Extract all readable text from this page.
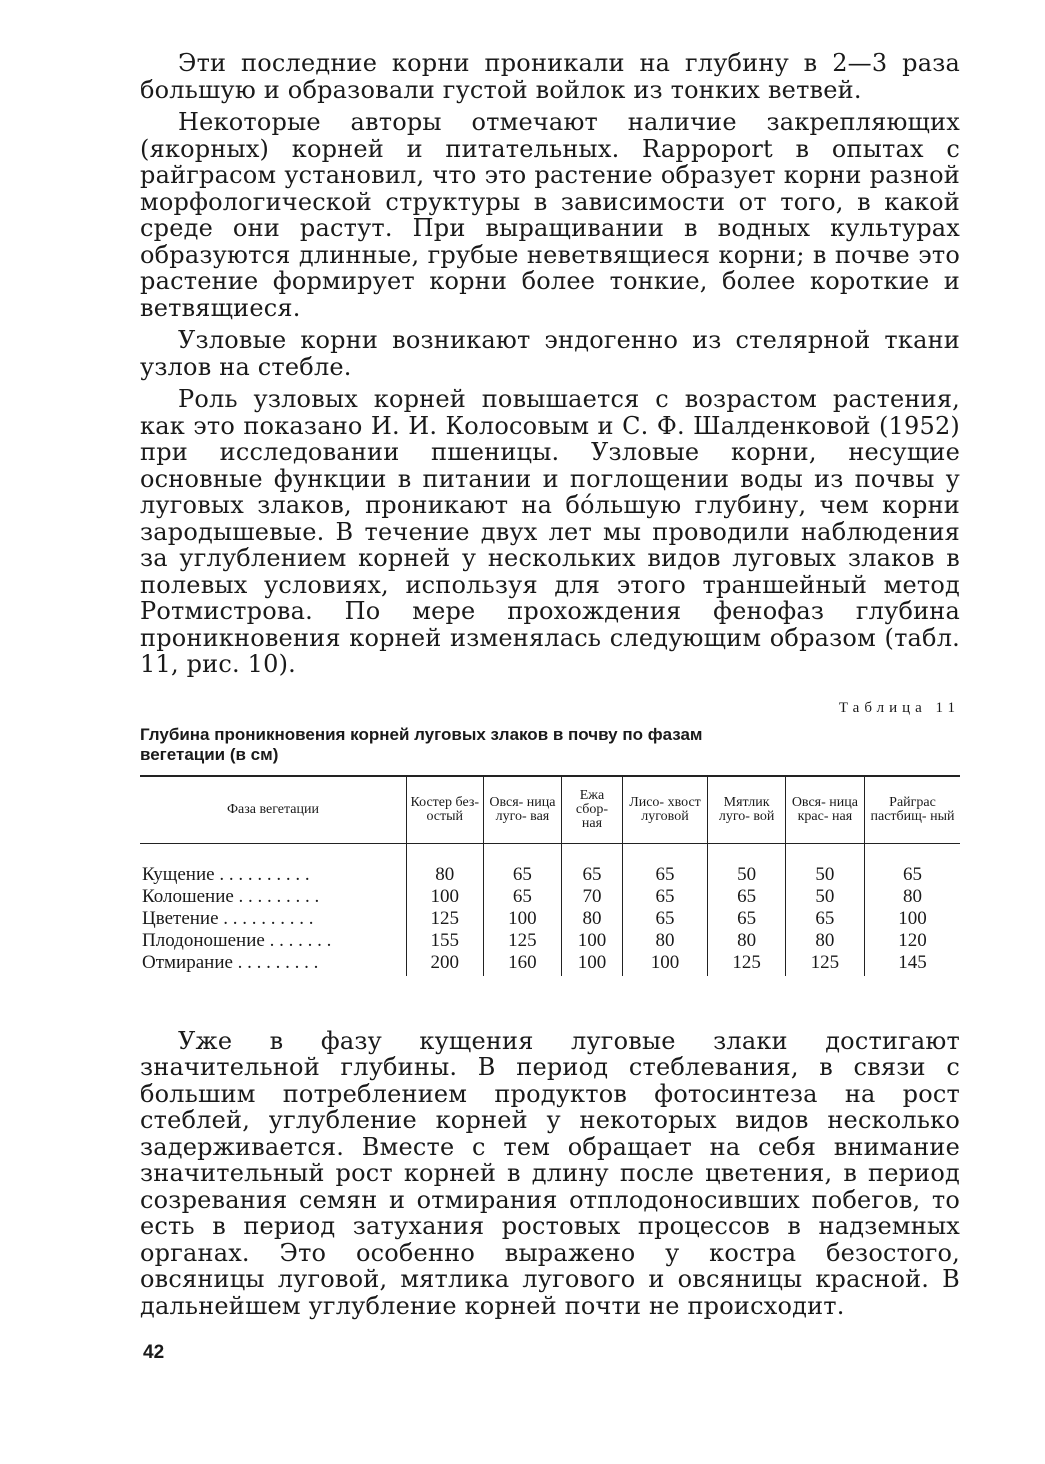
Эти последние корни проникали на глубину в 2—3 раза большую и образовали густой войлок из тонких ветвей.

Некоторые авторы отмечают наличие закрепляющих (якорных) корней и питательных. Rappoport в опытах с райграсом установил, что это растение образует корни разной морфологической структуры в зависимости от того, в какой среде они растут. При выращивании в водных культурах образуются длинные, грубые неветвящиеся корни; в почве это растение формирует корни более тонкие, более короткие и ветвящиеся.

Узловые корни возникают эндогенно из стелярной ткани узлов на стебле.

Роль узловых корней повышается с возрастом растения, как это показано И. И. Колосовым и С. Ф. Шалденковой (1952) при исследовании пшеницы. Узловые корни, несущие основные функции в питании и поглощении воды из почвы у луговых злаков, проникают на бо́льшую глубину, чем корни зародышевые. В течение двух лет мы проводили наблюдения за углублением корней у нескольких видов луговых злаков в полевых условиях, используя для этого траншейный метод Ротмистрова. По мере прохождения фенофаз глубина проникновения корней изменялась следующим образом (табл. 11, рис. 10).

Таблица 11
Глубина проникновения корней луговых злаков в почву по фазам вегетации (в см)
Фаза вегетации	Костер без- остый	Овся- ница луго- вая	Ежа сбор- ная	Лисо- хвост луговой	Мятлик луго- вой	Овся- ница крас- ная	Райграс пастбищ- ный
Кущение . . . . . . . . . .	80	65	65	65	50	50	65
Колошение . . . . . . . . .	100	65	70	65	65	50	80
Цветение . . . . . . . . . .	125	100	80	65	65	65	100
Плодоношение . . . . . . .	155	125	100	80	80	80	120
Отмирание . . . . . . . . .	200	160	100	100	125	125	145

Уже в фазу кущения луговые злаки достигают значительной глубины. В период стеблевания, в связи с большим потреблением продуктов фотосинтеза на рост стеблей, углубление корней у некоторых видов несколько задерживается. Вместе с тем обращает на себя внимание значительный рост корней в длину после цветения, в период созревания семян и отмирания отплодоносивших побегов, то есть в период затухания ростовых процессов в надземных органах. Это особенно выражено у костра безостого, овсяницы луговой, мятлика лугового и овсяницы красной. В дальнейшем углубление корней почти не происходит.

42
